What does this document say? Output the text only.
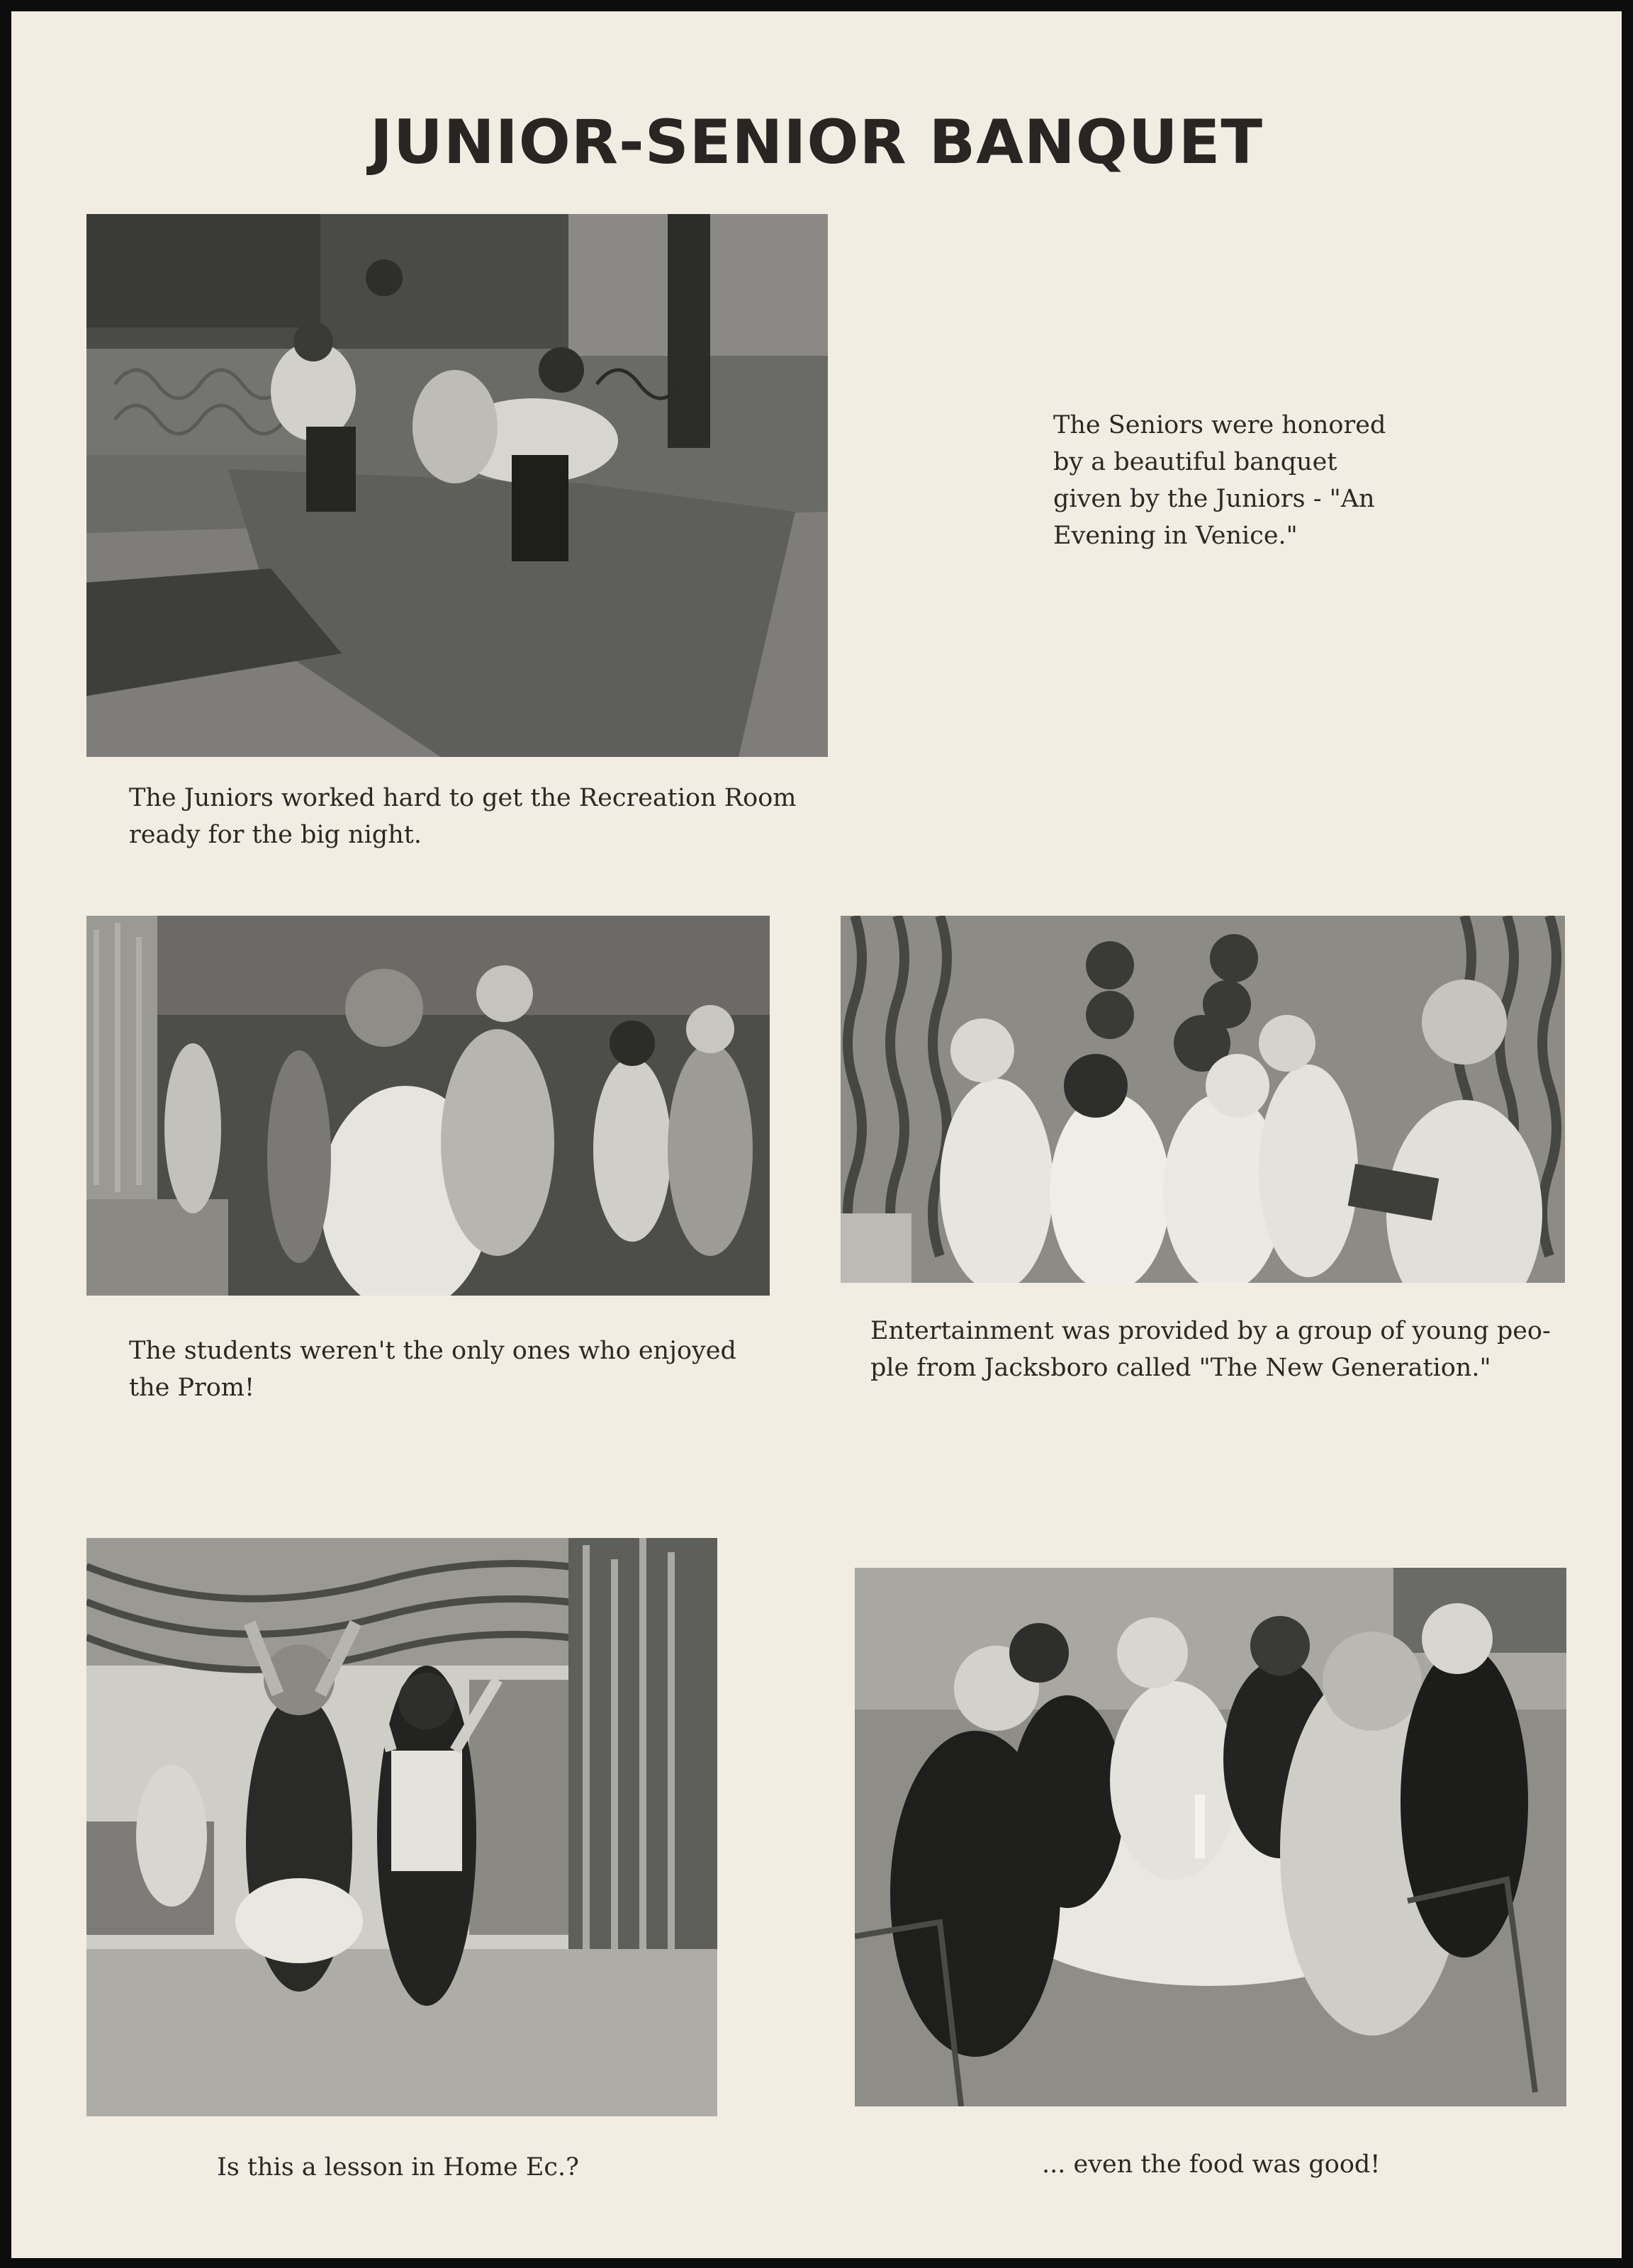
JUNIOR-SENIOR BANQUET
The Seniors were honored
by a beautiful banquet
given by the Juniors - "An
Evening in Venice."
The Juniors worked hard to get the Recreation Room
ready for the big night.
The students weren't the only ones who enjoyed
the Prom!
Entertainment was provided by a group of young peo-
ple from Jacksboro called "The New Generation."
Is this a lesson in Home Ec.?	... even the food was good!
